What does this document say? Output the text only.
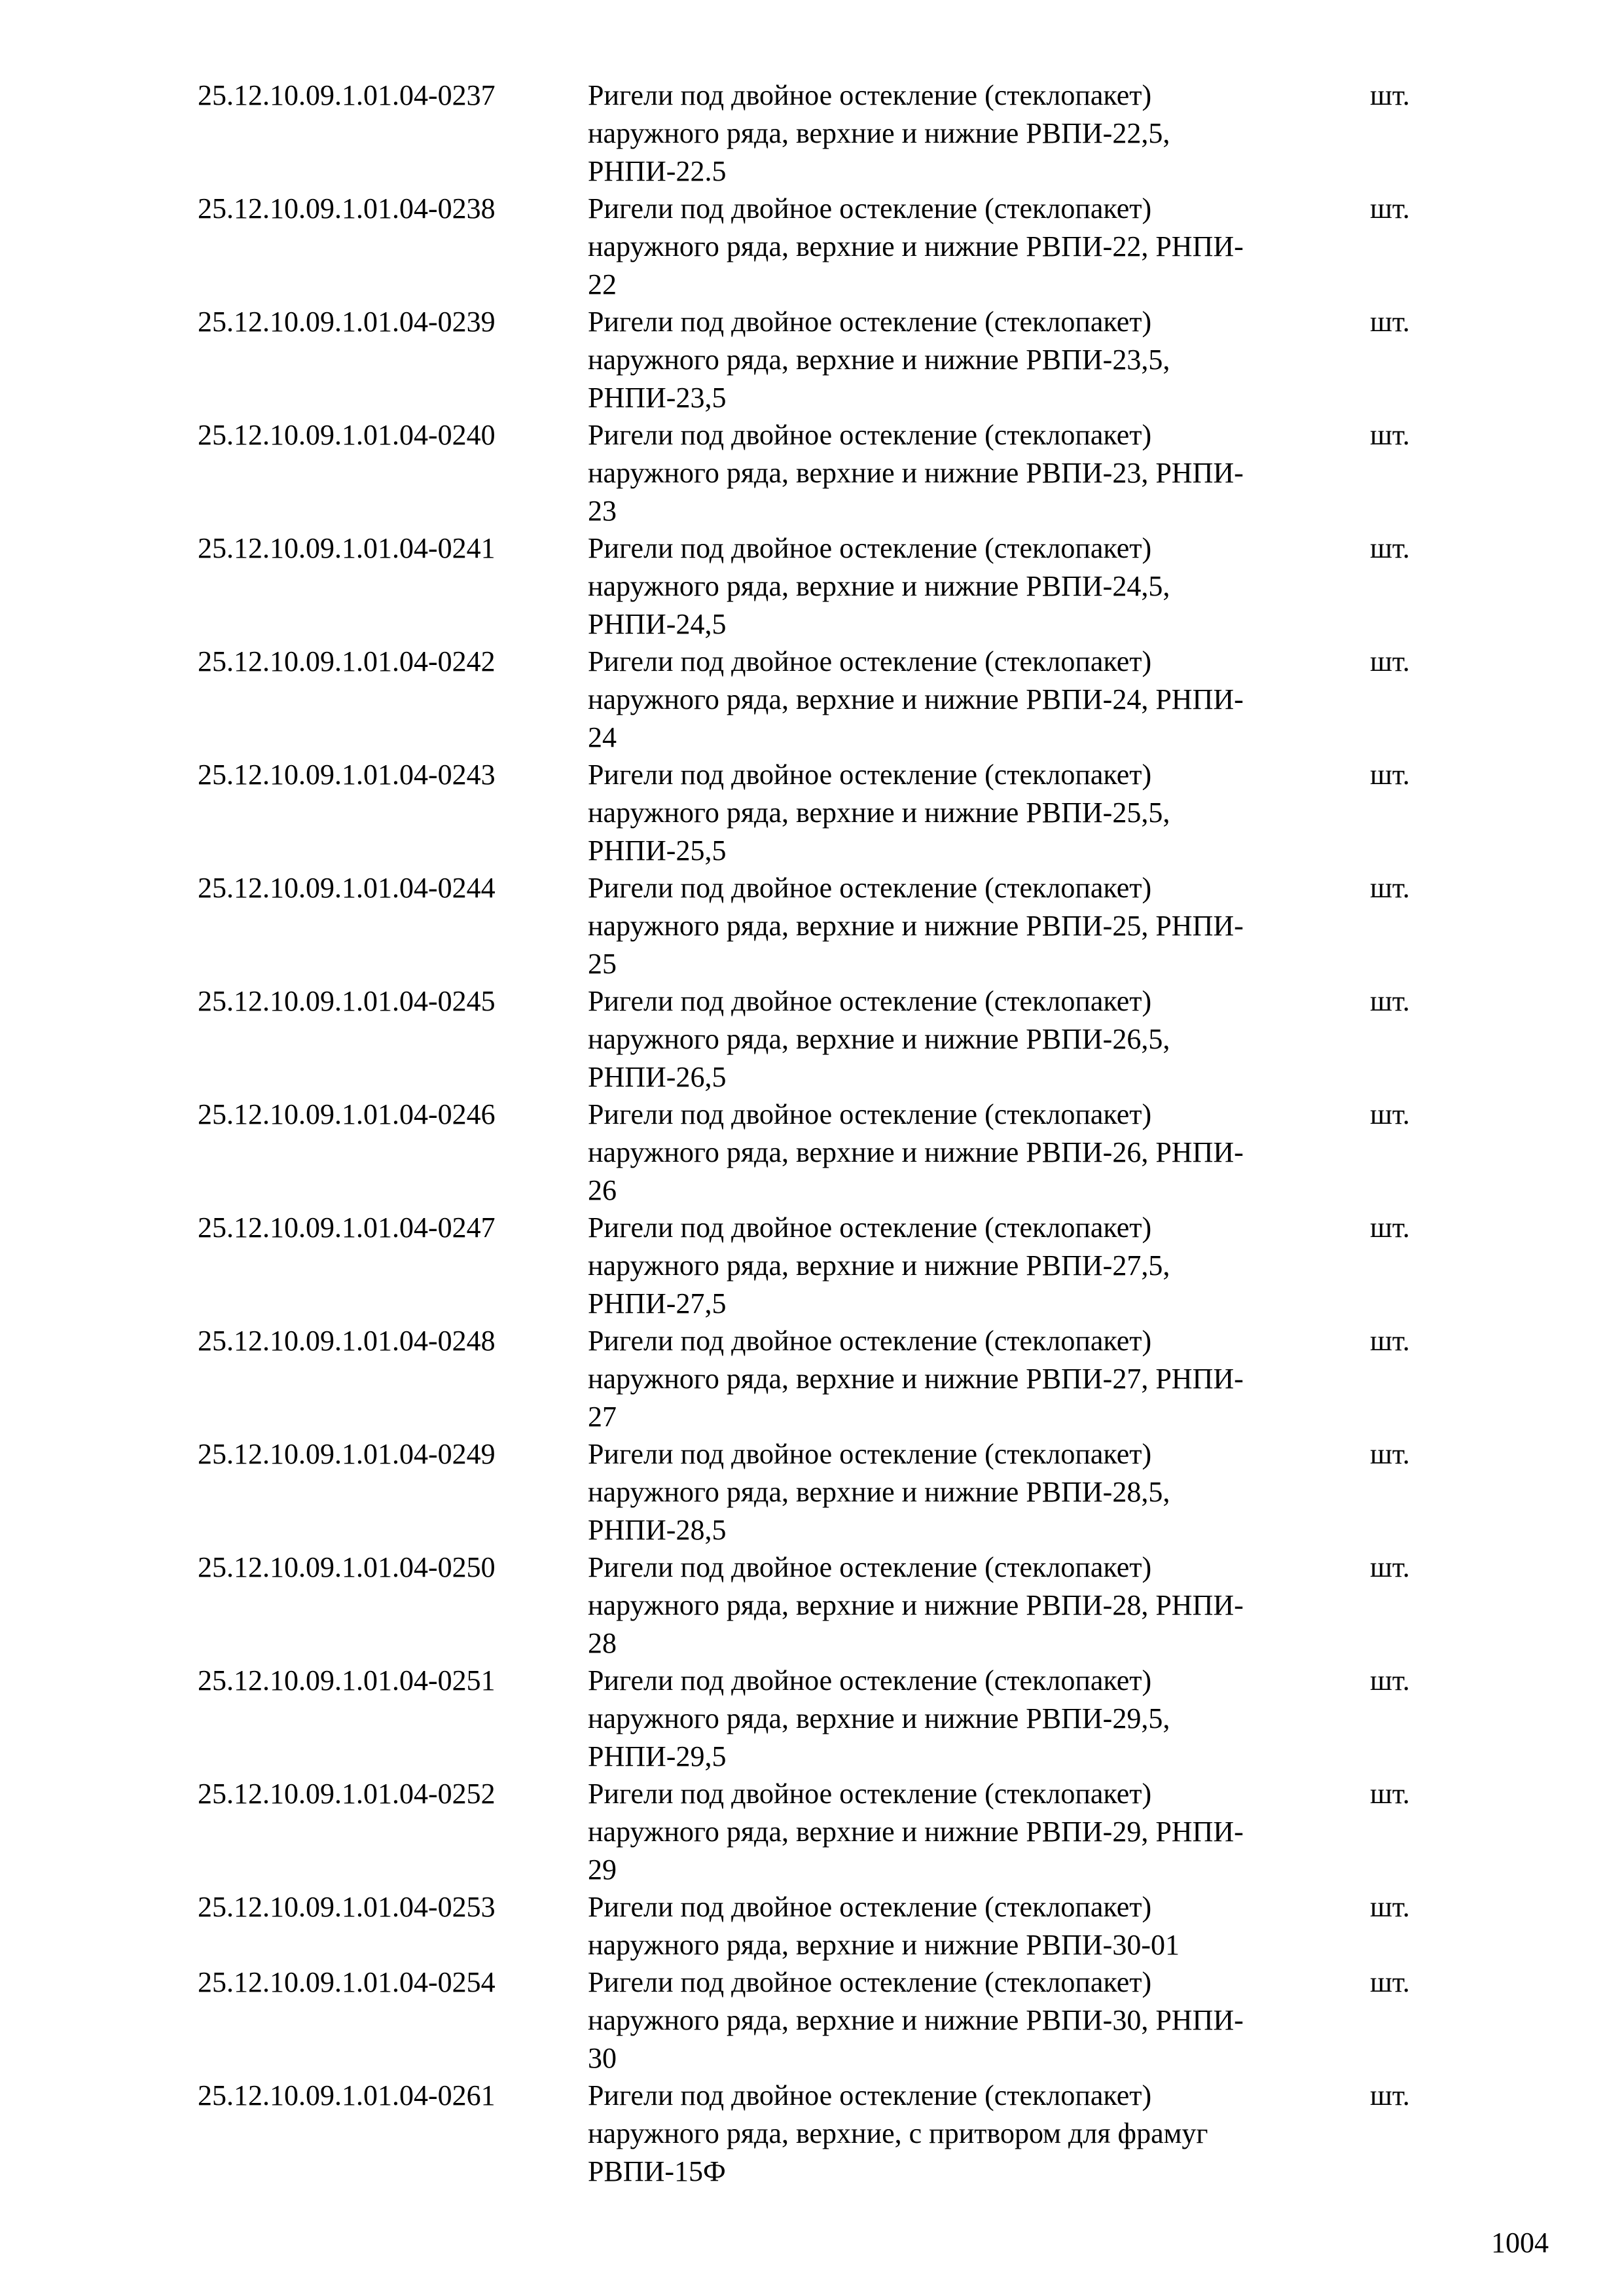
25.12.10.09.1.01.04-0237	Ригели под двойное остекление (стеклопакет)
наружного ряда, верхние и нижние РВПИ-22,5,
РНПИ-22.5
шт.
25.12.10.09.1.01.04-0238	Ригели под двойное остекление (стеклопакет)
наружного ряда, верхние и нижние РВПИ-22, РНПИ-
22
шт.
25.12.10.09.1.01.04-0239	Ригели под двойное остекление (стеклопакет)
наружного ряда, верхние и нижние РВПИ-23,5,
РНПИ-23,5
шт.
25.12.10.09.1.01.04-0240	Ригели под двойное остекление (стеклопакет)
наружного ряда, верхние и нижние РВПИ-23, РНПИ-
23
шт.
25.12.10.09.1.01.04-0241	Ригели под двойное остекление (стеклопакет)
наружного ряда, верхние и нижние РВПИ-24,5,
РНПИ-24,5
шт.
25.12.10.09.1.01.04-0242	Ригели под двойное остекление (стеклопакет)
наружного ряда, верхние и нижние РВПИ-24, РНПИ-
24
шт.
25.12.10.09.1.01.04-0243	Ригели под двойное остекление (стеклопакет)
наружного ряда, верхние и нижние РВПИ-25,5,
РНПИ-25,5
шт.
25.12.10.09.1.01.04-0244	Ригели под двойное остекление (стеклопакет)
наружного ряда, верхние и нижние РВПИ-25, РНПИ-
25
шт.
25.12.10.09.1.01.04-0245	Ригели под двойное остекление (стеклопакет)
наружного ряда, верхние и нижние РВПИ-26,5,
РНПИ-26,5
шт.
25.12.10.09.1.01.04-0246	Ригели под двойное остекление (стеклопакет)
наружного ряда, верхние и нижние РВПИ-26, РНПИ-
26
шт.
25.12.10.09.1.01.04-0247	Ригели под двойное остекление (стеклопакет)
наружного ряда, верхние и нижние РВПИ-27,5,
РНПИ-27,5
шт.
25.12.10.09.1.01.04-0248	Ригели под двойное остекление (стеклопакет)
наружного ряда, верхние и нижние РВПИ-27, РНПИ-
27
шт.
25.12.10.09.1.01.04-0249	Ригели под двойное остекление (стеклопакет)
наружного ряда, верхние и нижние РВПИ-28,5,
РНПИ-28,5
шт.
25.12.10.09.1.01.04-0250	Ригели под двойное остекление (стеклопакет)
наружного ряда, верхние и нижние РВПИ-28, РНПИ-
28
шт.
25.12.10.09.1.01.04-0251	Ригели под двойное остекление (стеклопакет)
наружного ряда, верхние и нижние РВПИ-29,5,
РНПИ-29,5
шт.
25.12.10.09.1.01.04-0252	Ригели под двойное остекление (стеклопакет)
наружного ряда, верхние и нижние РВПИ-29, РНПИ-
29
шт.
25.12.10.09.1.01.04-0253	Ригели под двойное остекление (стеклопакет)
наружного ряда, верхние и нижние РВПИ-30-01
шт.
25.12.10.09.1.01.04-0254	Ригели под двойное остекление (стеклопакет)
наружного ряда, верхние и нижние РВПИ-30, РНПИ-
30
шт.
25.12.10.09.1.01.04-0261	Ригели под двойное остекление (стеклопакет)
наружного ряда, верхние, с притвором для фрамуг
РВПИ-15Ф
шт.
1004
